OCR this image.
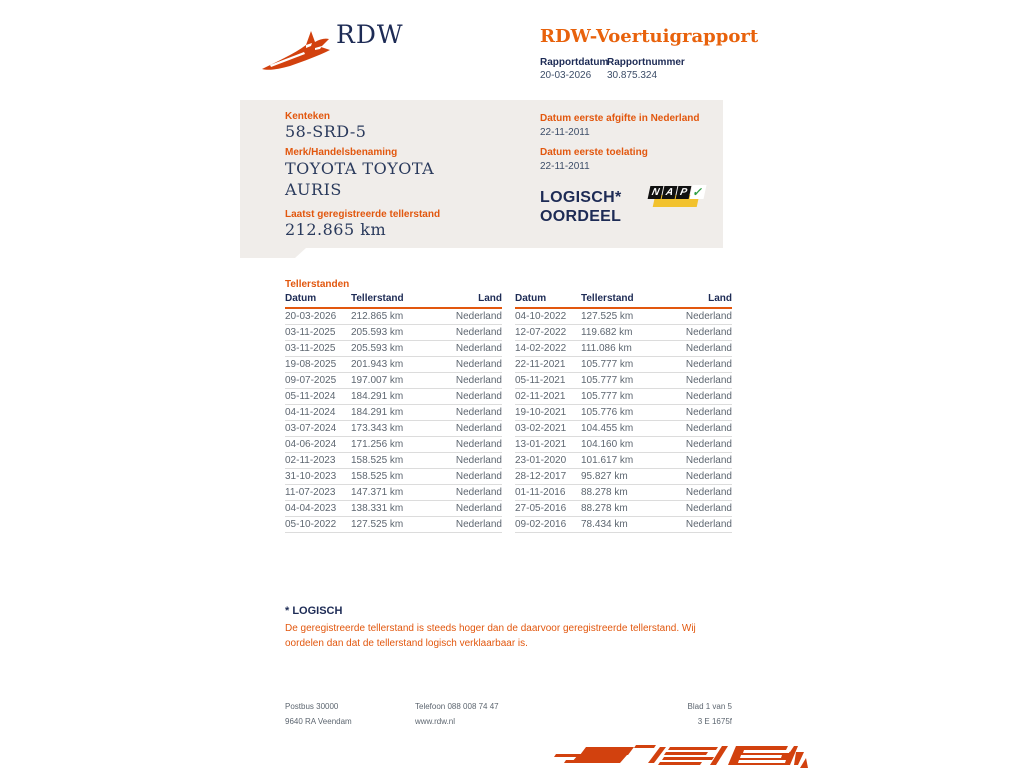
RDW	RDW-Voertuigrapport
Rapportdatum
20-03-2026
Rapportnummer
30.875.324
Kenteken
58-SRD-5
Merk/Handelsbenaming
TOYOTA TOYOTA
AURIS
Laatst geregistreerde tellerstand
212.865 km
Datum eerste afgifte in Nederland
22-11-2011
Datum eerste toelating
22-11-2011
LOGISCH*
OORDEEL
N A P ✓
Tellerstanden
Datum	Tellerstand	Land
20-03-2026	212.865 km	Nederland
03-11-2025	205.593 km	Nederland
03-11-2025	205.593 km	Nederland
19-08-2025	201.943 km	Nederland
09-07-2025	197.007 km	Nederland
05-11-2024	184.291 km	Nederland
04-11-2024	184.291 km	Nederland
03-07-2024	173.343 km	Nederland
04-06-2024	171.256 km	Nederland
02-11-2023	158.525 km	Nederland
31-10-2023	158.525 km	Nederland
11-07-2023	147.371 km	Nederland
04-04-2023	138.331 km	Nederland
05-10-2022	127.525 km	Nederland
Datum	Tellerstand	Land
04-10-2022	127.525 km	Nederland
12-07-2022	119.682 km	Nederland
14-02-2022	111.086 km	Nederland
22-11-2021	105.777 km	Nederland
05-11-2021	105.777 km	Nederland
02-11-2021	105.777 km	Nederland
19-10-2021	105.776 km	Nederland
03-02-2021	104.455 km	Nederland
13-01-2021	104.160 km	Nederland
23-01-2020	101.617 km	Nederland
28-12-2017	95.827 km	Nederland
01-11-2016	88.278 km	Nederland
27-05-2016	88.278 km	Nederland
09-02-2016	78.434 km	Nederland
* LOGISCH
De geregistreerde tellerstand is steeds hoger dan de daarvoor geregistreerde tellerstand. Wij oordelen dan dat de tellerstand logisch verklaarbaar is.
Postbus 30000
9640 RA Veendam
Telefoon 088 008 74 47
www.rdw.nl
Blad 1 van 5
3 E 1675f
